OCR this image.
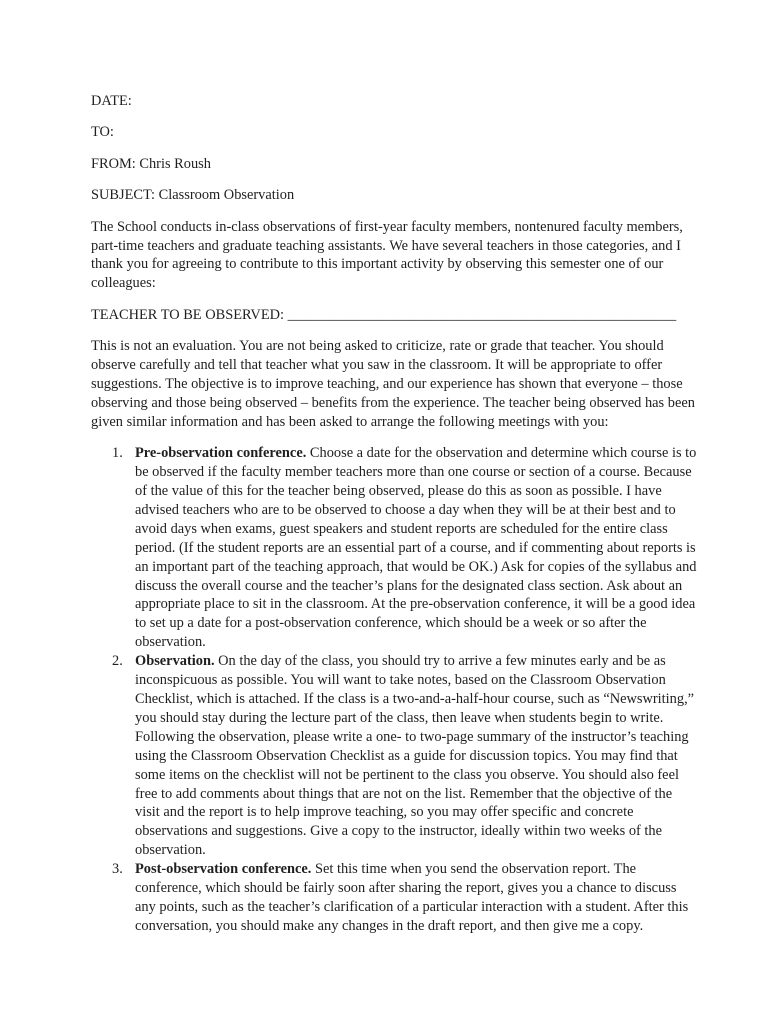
DATE:
TO:
FROM: Chris Roush
SUBJECT: Classroom Observation

The School conducts in-class observations of first-year faculty members, nontenured faculty members, part-time teachers and graduate teaching assistants. We have several teachers in those categories, and I thank you for agreeing to contribute to this important activity by observing this semester one of our colleagues:

TEACHER TO BE OBSERVED: ______________________________________________________

This is not an evaluation. You are not being asked to criticize, rate or grade that teacher. You should observe carefully and tell that teacher what you saw in the classroom. It will be appropriate to offer suggestions. The objective is to improve teaching, and our experience has shown that everyone – those observing and those being observed – benefits from the experience. The teacher being observed has been given similar information and has been asked to arrange the following meetings with you:

1. Pre-observation conference. Choose a date for the observation and determine which course is to be observed if the faculty member teachers more than one course or section of a course. Because of the value of this for the teacher being observed, please do this as soon as possible. I have advised teachers who are to be observed to choose a day when they will be at their best and to avoid days when exams, guest speakers and student reports are scheduled for the entire class period. (If the student reports are an essential part of a course, and if commenting about reports is an important part of the teaching approach, that would be OK.) Ask for copies of the syllabus and discuss the overall course and the teacher’s plans for the designated class section. Ask about an appropriate place to sit in the classroom. At the pre-observation conference, it will be a good idea to set up a date for a post-observation conference, which should be a week or so after the observation.
2. Observation. On the day of the class, you should try to arrive a few minutes early and be as inconspicuous as possible. You will want to take notes, based on the Classroom Observation Checklist, which is attached. If the class is a two-and-a-half-hour course, such as “Newswriting,” you should stay during the lecture part of the class, then leave when students begin to write. Following the observation, please write a one- to two-page summary of the instructor’s teaching using the Classroom Observation Checklist as a guide for discussion topics. You may find that some items on the checklist will not be pertinent to the class you observe. You should also feel free to add comments about things that are not on the list. Remember that the objective of the visit and the report is to help improve teaching, so you may offer specific and concrete observations and suggestions. Give a copy to the instructor, ideally within two weeks of the observation.
3. Post-observation conference. Set this time when you send the observation report. The conference, which should be fairly soon after sharing the report, gives you a chance to discuss any points, such as the teacher’s clarification of a particular interaction with a student. After this conversation, you should make any changes in the draft report, and then give me a copy.
